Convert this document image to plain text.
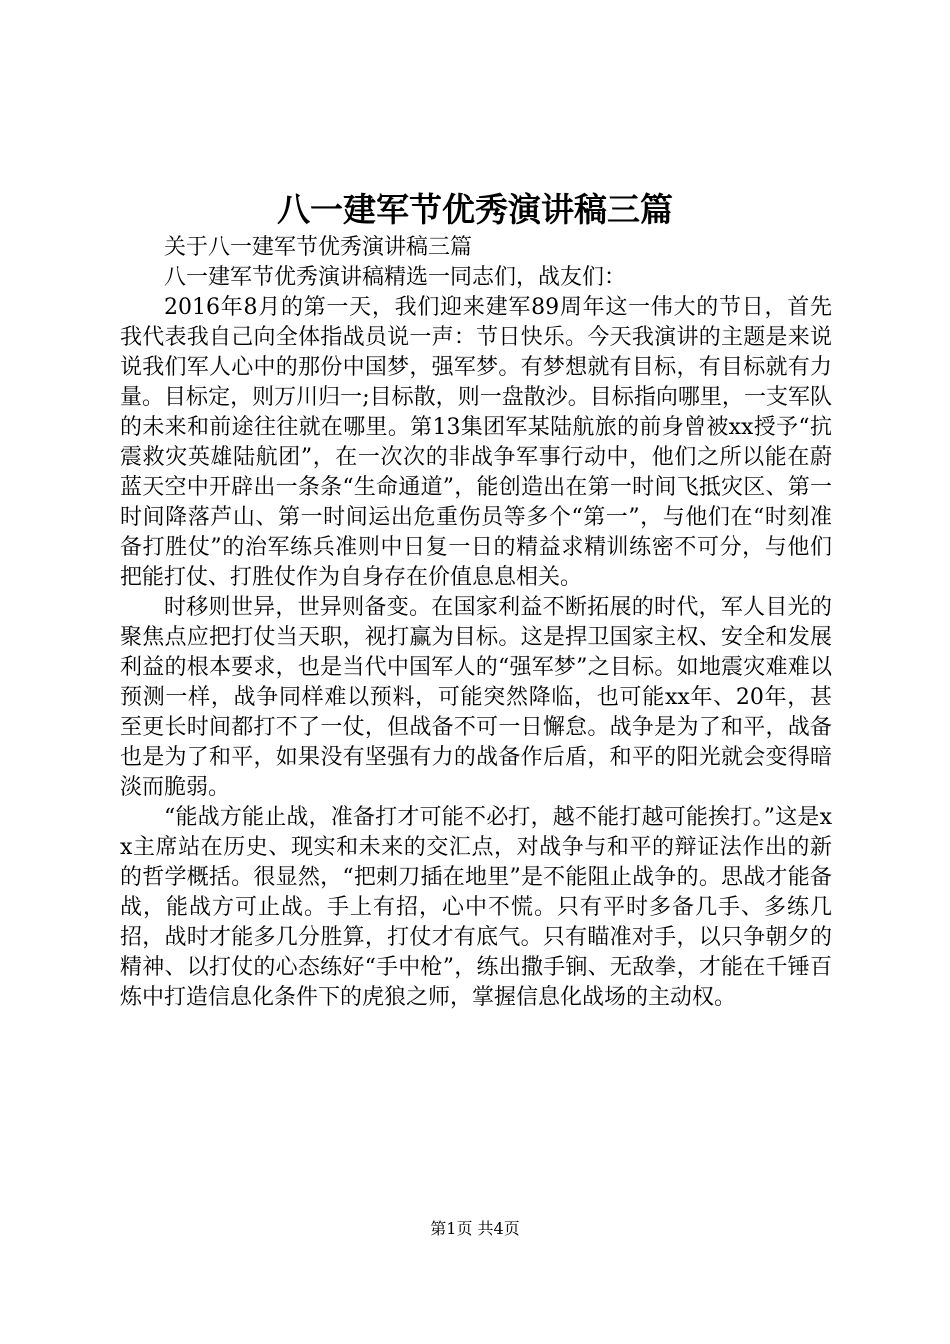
八一建军节优秀演讲稿三篇

关于八一建军节优秀演讲稿三篇

八一建军节优秀演讲稿精选一同志们，战友们：

2016年8月的第一天，我们迎来建军89周年这一伟大的节日，首先我代表我自己向全体指战员说一声：节日快乐。今天我演讲的主题是来说说我们军人心中的那份中国梦，强军梦。有梦想就有目标，有目标就有力量。目标定，则万川归一;目标散，则一盘散沙。目标指向哪里，一支军队的未来和前途往往就在哪里。第13集团军某陆航旅的前身曾被xx授予“抗震救灾英雄陆航团”，在一次次的非战争军事行动中，他们之所以能在蔚蓝天空中开辟出一条条“生命通道”，能创造出在第一时间飞抵灾区、第一时间降落芦山、第一时间运出危重伤员等多个“第一”，与他们在“时刻准备打胜仗”的治军练兵准则中日复一日的精益求精训练密不可分，与他们把能打仗、打胜仗作为自身存在价值息息相关。

时移则世异，世异则备变。在国家利益不断拓展的时代，军人目光的聚焦点应把打仗当天职，视打赢为目标。这是捍卫国家主权、安全和发展利益的根本要求，也是当代中国军人的“强军梦”之目标。如地震灾难难以预测一样，战争同样难以预料，可能突然降临，也可能xx年、20年，甚至更长时间都打不了一仗，但战备不可一日懈怠。战争是为了和平，战备也是为了和平，如果没有坚强有力的战备作后盾，和平的阳光就会变得暗淡而脆弱。

“能战方能止战，准备打才可能不必打，越不能打越可能挨打。”这是xx主席站在历史、现实和未来的交汇点，对战争与和平的辩证法作出的新的哲学概括。很显然，“把刺刀插在地里”是不能阻止战争的。思战才能备战，能战方可止战。手上有招，心中不慌。只有平时多备几手、多练几招，战时才能多几分胜算，打仗才有底气。只有瞄准对手，以只争朝夕的精神、以打仗的心态练好“手中枪”，练出撒手锏、无敌拳，才能在千锤百炼中打造信息化条件下的虎狼之师，掌握信息化战场的主动权。

第1页 共4页
